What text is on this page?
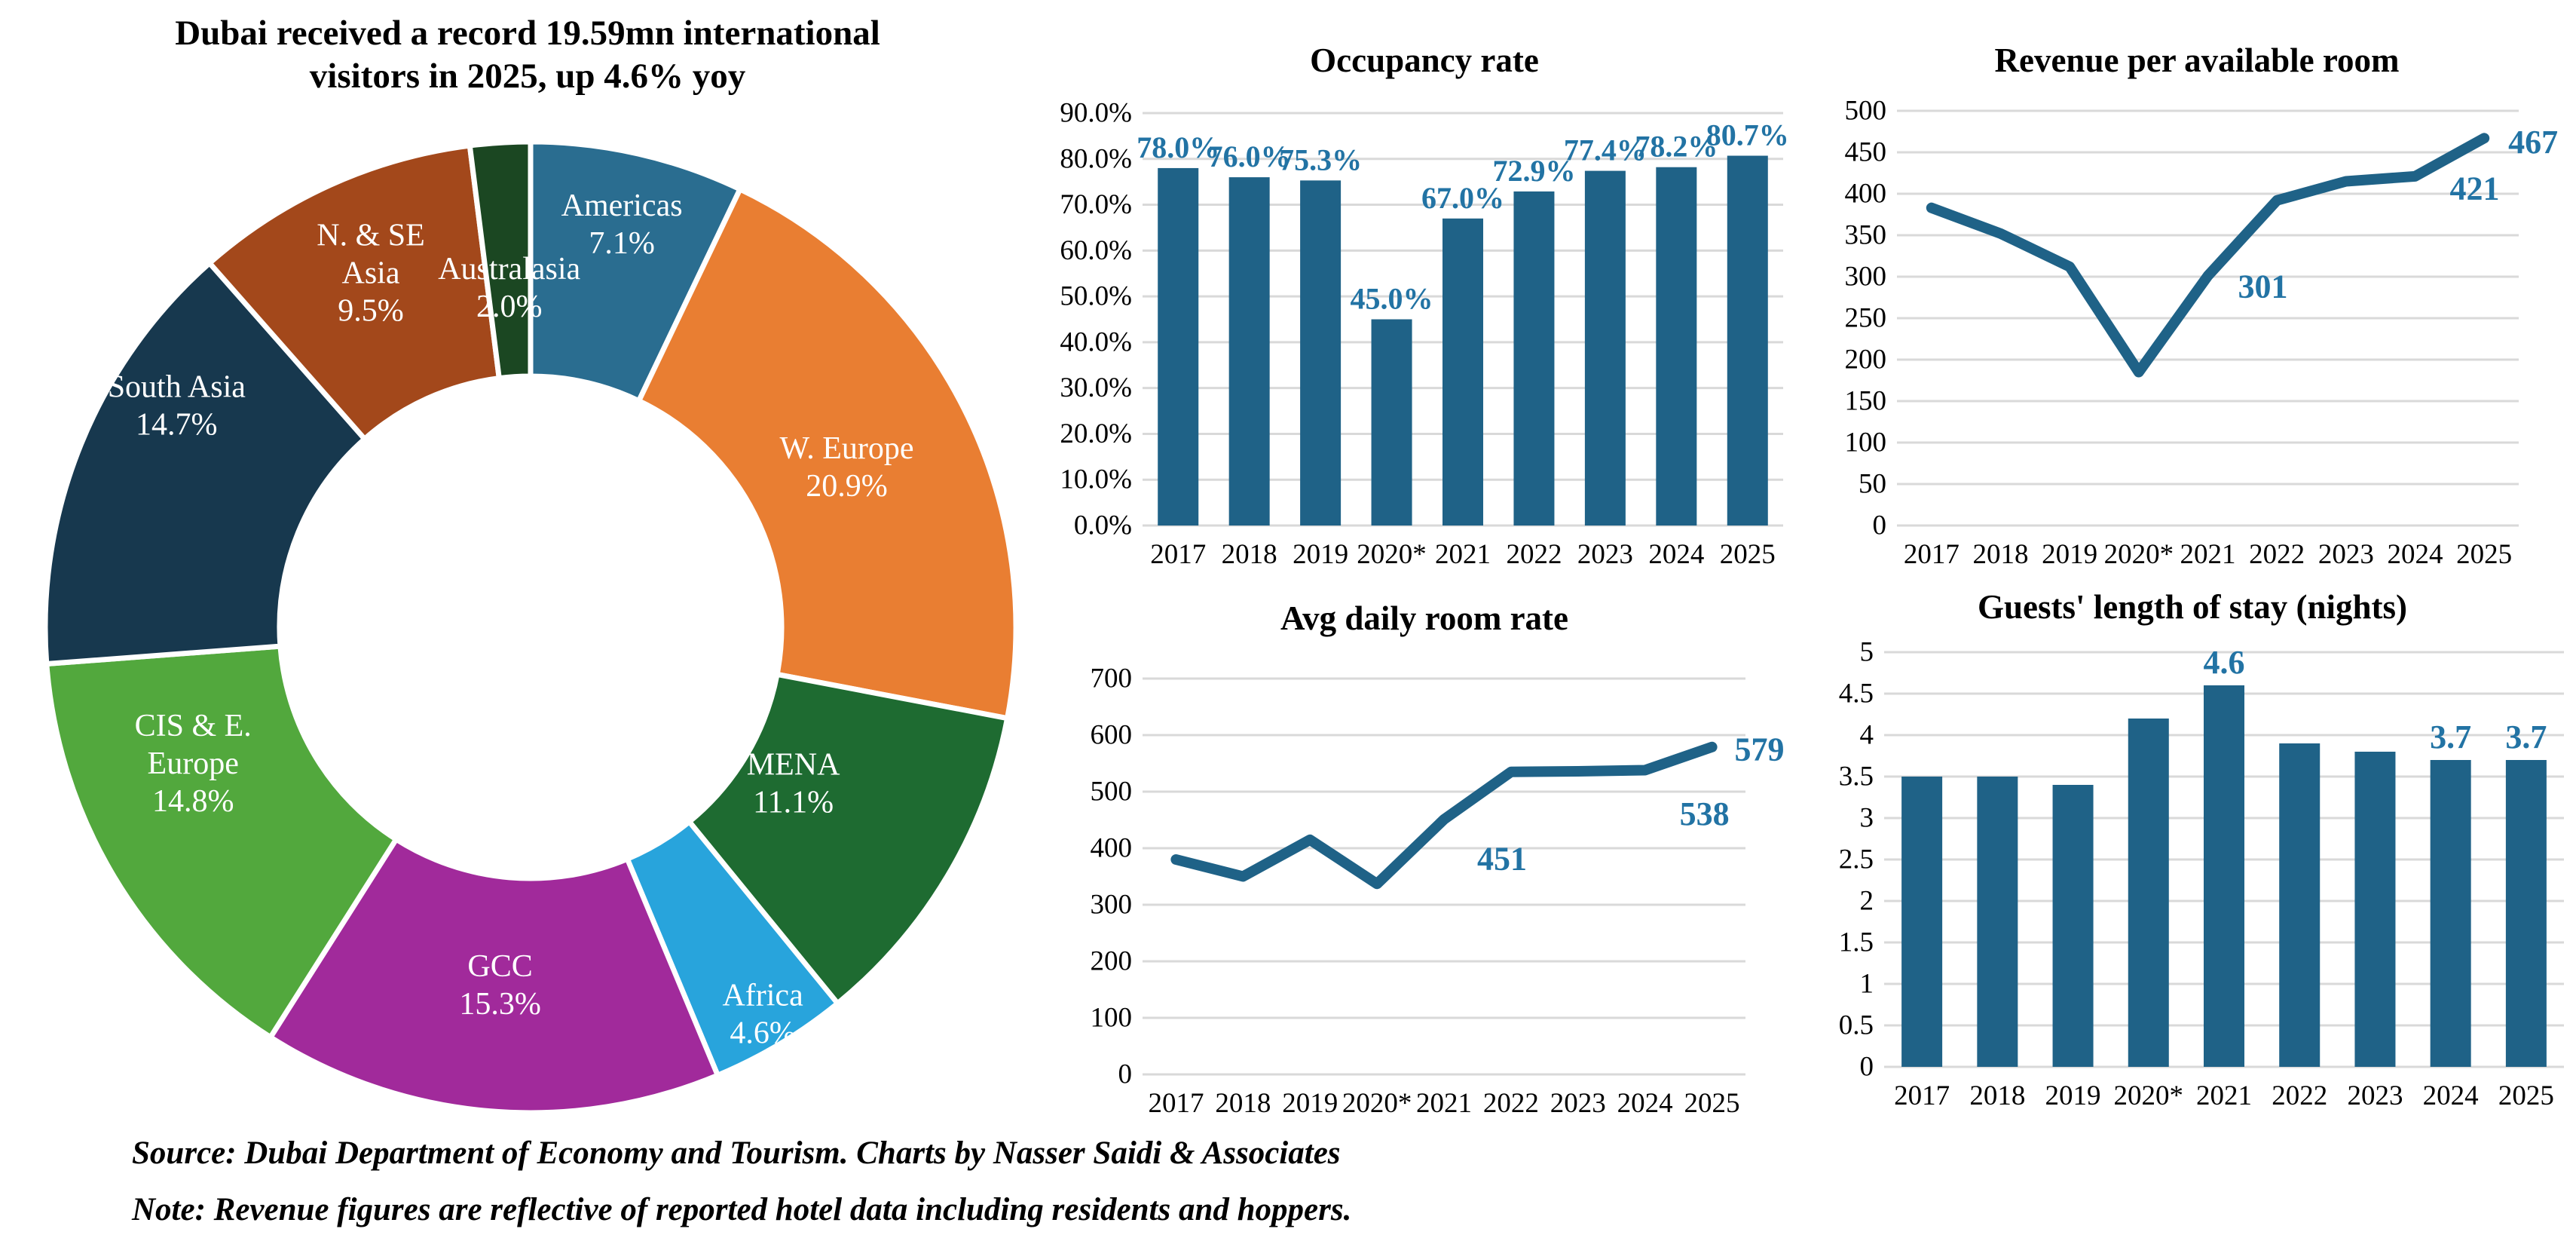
Dubai received a record 19.59mn international
visitors in 2025, up 4.6% yoy
Americas
7.1%
W. Europe
20.9%
MENA
11.1%
Africa
4.6%
GCC
15.3%
CIS & E.
Europe
14.8%
South Asia
14.7%
N. & SE
Asia
9.5%
Australasia
2.0%
Occupancy rate
0.0%
10.0%
20.0%
30.0%
40.0%
50.0%
60.0%
70.0%
80.0%
90.0%
2017 2018 2019 2020* 2021 2022 2023 2024 2025
78.0%
76.0%
75.3%
45.0%
67.0%
72.9%
77.4%
78.2%
80.7%
Revenue per available room
0
50
100
150
200
250
300
350
400
450
500
2017 2018 2019 2020* 2021 2022 2023 2024 2025
301
421
467
Avg daily room rate
0
100
200
300
400
500
600
700
2017 2018 2019 2020* 2021 2022 2023 2024 2025
451
538
579
Guests' length of stay (nights)
0
0.5
1
1.5
2
2.5
3
3.5
4
4.5
5
2017 2018 2019 2020* 2021 2022 2023 2024 2025
4.6
3.7 3.7
Source: Dubai Department of Economy and Tourism. Charts by Nasser Saidi & Associates
Note: Revenue figures are reflective of reported hotel data including residents and hoppers.
